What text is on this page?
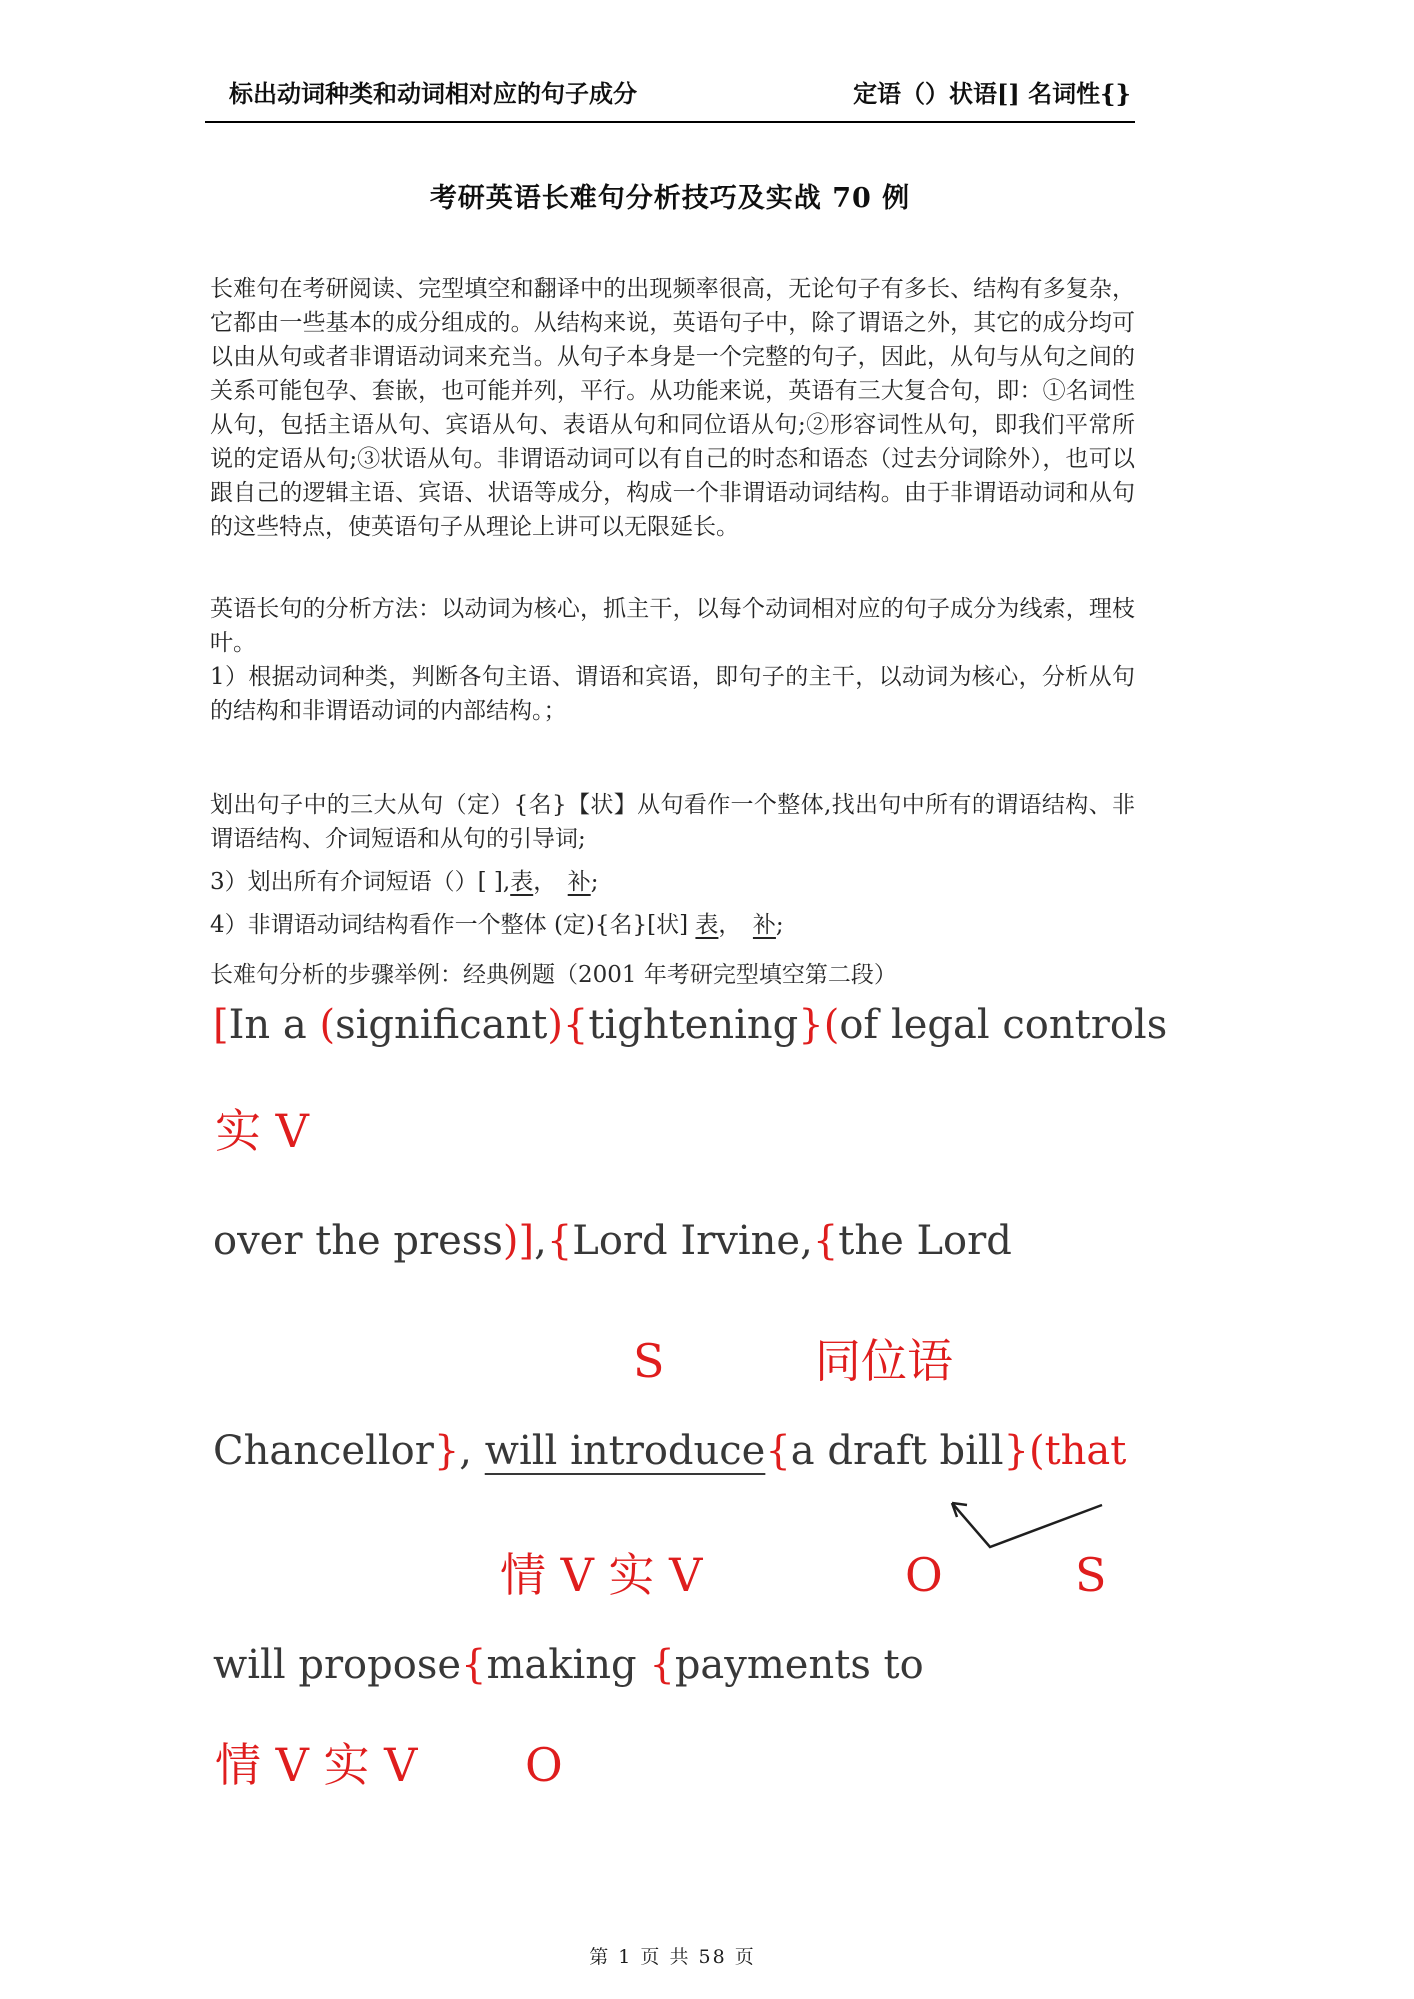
标出动词种类和动词相对应的句子成分	定语（）状语[] 名词性{}
考研英语长难句分析技巧及实战 70 例
长难句在考研阅读、完型填空和翻译中的出现频率很高，无论句子有多长、结构有多复杂，它都由一些基本的成分组成的。从结构来说，英语句子中，除了谓语之外，其它的成分均可以由从句或者非谓语动词来充当。从句子本身是一个完整的句子，因此，从句与从句之间的关系可能包孕、套嵌，也可能并列，平行。从功能来说，英语有三大复合句，即：①名词性从句，包括主语从句、宾语从句、表语从句和同位语从句;②形容词性从句，即我们平常所说的定语从句;③状语从句。非谓语动词可以有自己的时态和语态（过去分词除外），也可以跟自己的逻辑主语、宾语、状语等成分，构成一个非谓语动词结构。由于非谓语动词和从句的这些特点，使英语句子从理论上讲可以无限延长。
英语长句的分析方法：以动词为核心，抓主干，以每个动词相对应的句子成分为线索，理枝叶。
1）根据动词种类，判断各句主语、谓语和宾语，即句子的主干，以动词为核心，分析从句的结构和非谓语动词的内部结构。；
划出句子中的三大从句（定）{名}【状】从句看作一个整体,找出句中所有的谓语结构、非谓语结构、介词短语和从句的引导词;
3）划出所有介词短语（）[ ],表，　补;
4）非谓语动词结构看作一个整体 (定){名}[状] 表，　补;
长难句分析的步骤举例：经典例题（2001 年考研完型填空第二段）
[In a (significant){tightening}(of legal controls
实 V
over the press)],{Lord Irvine,{the Lord
S	同位语
Chancellor}, will introduce{a draft bill}(that
情 V 实 V	O	S
will propose{making {payments to
情 V 实 V O
第 1 页 共 58 页
